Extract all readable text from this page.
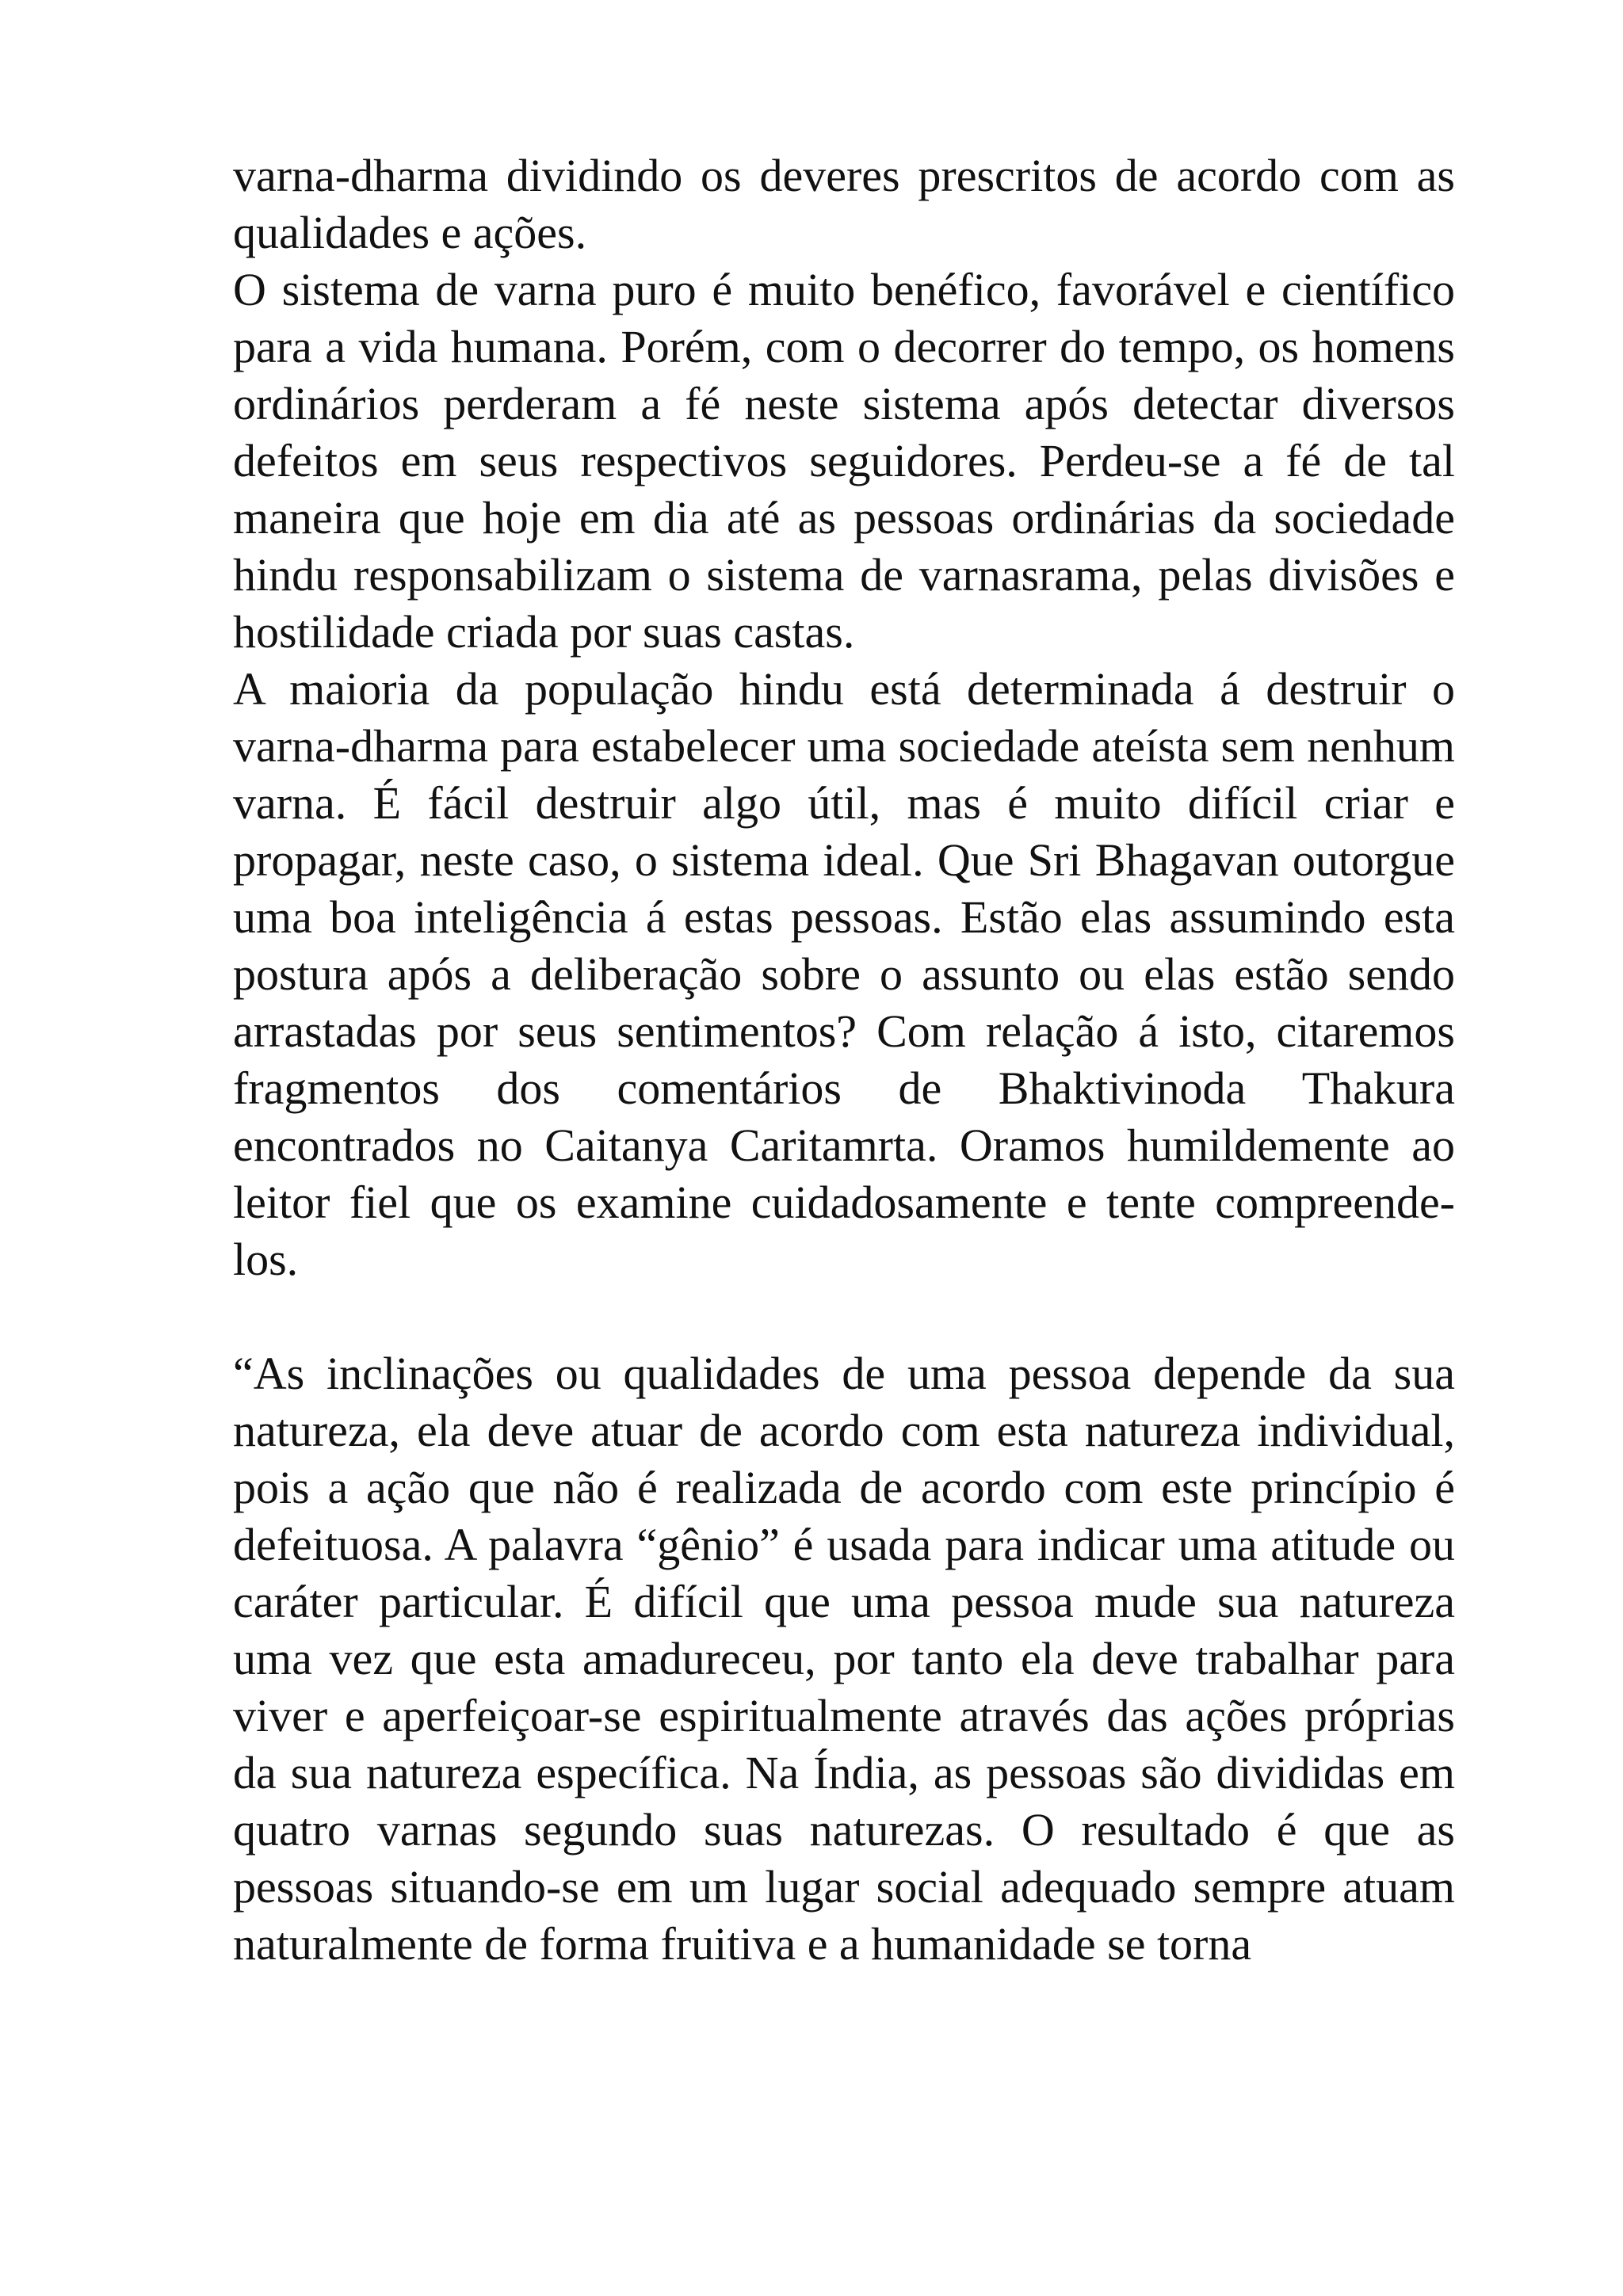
varna-dharma dividindo os deveres prescritos de acordo com as qualidades e ações.

O sistema de varna puro é muito benéfico, favorável e científico para a vida humana. Porém, com o decorrer do tempo, os homens ordinários perderam a fé neste sistema após detectar diversos defeitos em seus respectivos seguidores. Perdeu-se a fé de tal maneira que hoje em dia até as pessoas ordinárias da sociedade hindu responsabilizam o sistema de varnasrama, pelas divisões e hostilidade criada por suas castas.

A maioria da população hindu está determinada á destruir o varna-dharma para estabelecer uma sociedade ateísta sem nenhum varna. É fácil destruir algo útil, mas é muito difícil criar e propagar, neste caso, o sistema ideal. Que Sri Bhagavan outorgue uma boa inteligência á estas pessoas. Estão elas assumindo esta postura após a deliberação sobre o assunto ou elas estão sendo arrastadas por seus sentimentos? Com relação á isto, citaremos fragmentos dos comentários de Bhaktivinoda Thakura encontrados no Caitanya Caritamrta. Oramos humildemente ao leitor fiel que os examine cuidadosamente e tente compreende-los.

“As inclinações ou qualidades de uma pessoa depende da sua natureza, ela deve atuar de acordo com esta natureza individual, pois a ação que não é realizada de acordo com este princípio é defeituosa. A palavra “gênio” é usada para indicar uma atitude ou caráter particular. É difícil que uma pessoa mude sua natureza uma vez que esta amadureceu, por tanto ela deve trabalhar para viver e aperfeiçoar-se espiritualmente através das ações próprias da sua natureza específica. Na Índia, as pessoas são divididas em quatro varnas segundo suas naturezas. O resultado é que as pessoas situando-se em um lugar social adequado sempre atuam naturalmente de forma fruitiva e a humanidade se torna
